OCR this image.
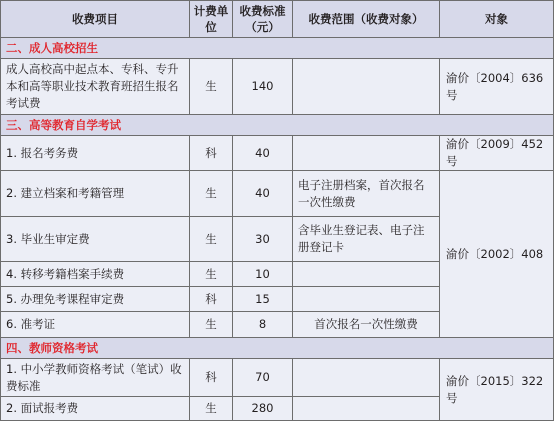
收费项目	计费单位	收费标准（元）	收费范围（收费对象）	对象
二、成人高校招生				
成人高校高中起点本、专科、专升本和高等职业技术教育班招生报名考试费	生	140		渝价〔2004〕636号
三、高等教育自学考试				
1. 报名考务费	科	40		渝价〔2009〕452号
2. 建立档案和考籍管理	生	40	电子注册档案，首次报名一次性缴费	渝价〔2002〕408
3. 毕业生审定费	生	30	含毕业生登记表、电子注册登记卡	
4. 转移考籍档案手续费	生	10		
5. 办理免考课程审定费	科	15		
6. 准考证	生	8	首次报名一次性缴费	
四、教师资格考试				
1. 中小学教师资格考试（笔试）收费标准	科	70		渝价〔2015〕322号
2. 面试报考费	生	280		
